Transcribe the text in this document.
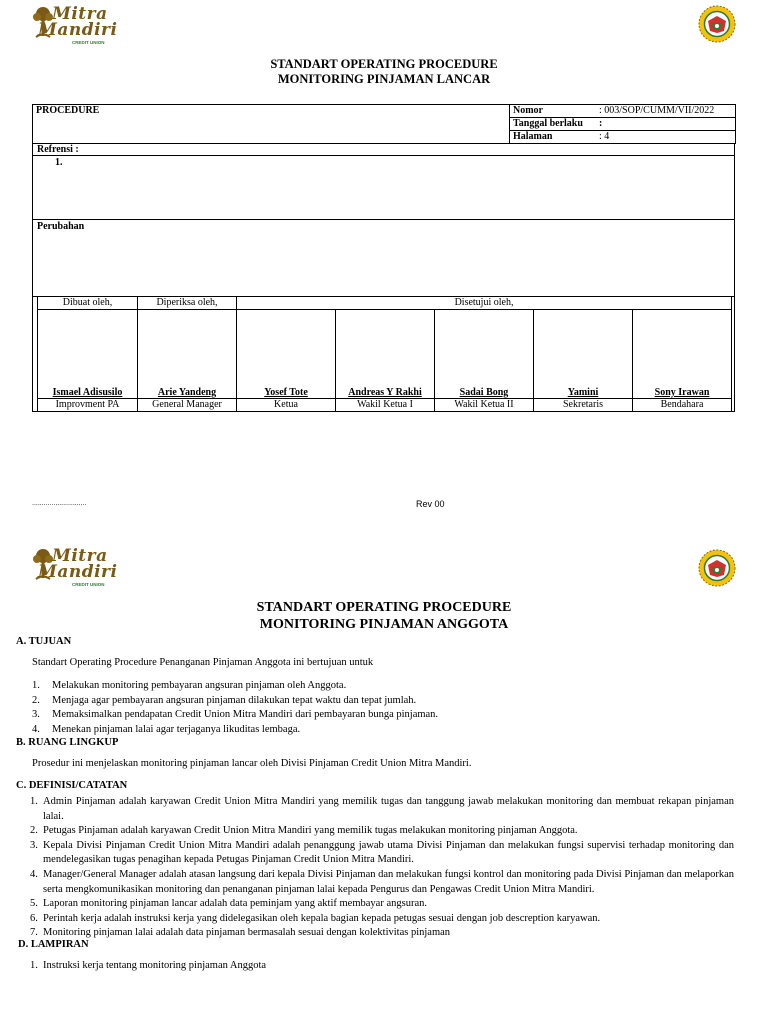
Mitra
Mandiri
CREDIT UNION
STANDART OPERATING PROCEDURE
MONITORING PINJAMAN LANCAR
PROCEDURE	Nomor	: 003/SOP/CUMM/VII/2022
	Tanggal berlaku	:
	Halaman	: 4
Refrensi :
1.
Perubahan
Dibuat oleh,	Diperiksa oleh,	Disetujui oleh,				
Ismael Adisusilo	Arie Yandeng	Yosef Tote	Andreas Y Rakhi	Sadai Bong	Yamini	Sony Irawan
Improvment PA	General Manager	Ketua	Wakil Ketua I	Wakil Ketua II	Sekretaris	Bendahara
............................	Rev 00
Mitra
Mandiri
CREDIT UNION
STANDART OPERATING PROCEDURE
MONITORING PINJAMAN ANGGOTA
A. TUJUAN
Standart Operating Procedure Penanganan Pinjaman Anggota ini bertujuan untuk
1. Melakukan monitoring pembayaran angsuran pinjaman oleh Anggota.
2. Menjaga agar pembayaran angsuran pinjaman dilakukan tepat waktu dan tepat jumlah.
3. Memaksimalkan pendapatan Credit Union Mitra Mandiri dari pembayaran bunga pinjaman.
4. Menekan pinjaman lalai agar terjaganya likuditas lembaga.
B. RUANG LINGKUP
Prosedur ini menjelaskan monitoring pinjaman lancar oleh Divisi Pinjaman Credit Union Mitra Mandiri.
C. DEFINISI/CATATAN
1. Admin Pinjaman adalah karyawan Credit Union Mitra Mandiri yang memilik tugas dan tanggung jawab melakukan monitoring dan membuat rekapan pinjaman lalai.
2. Petugas Pinjaman adalah karyawan Credit Union Mitra Mandiri yang memilik tugas melakukan monitoring pinjaman Anggota.
3. Kepala Divisi Pinjaman Credit Union Mitra Mandiri adalah penanggung jawab utama Divisi Pinjaman dan melakukan fungsi supervisi terhadap monitoring dan mendelegasikan tugas penagihan kepada Petugas Pinjaman Credit Union Mitra Mandiri.
4. Manager/General Manager adalah atasan langsung dari kepala Divisi Pinjaman dan melakukan fungsi kontrol dan monitoring pada Divisi Pinjaman dan melaporkan serta mengkomunikasikan monitoring dan penanganan pinjaman lalai kepada Pengurus dan Pengawas Credit Union Mitra Mandiri.
5. Laporan monitoring pinjaman lancar adalah data peminjam yang aktif membayar angsuran.
6. Perintah kerja adalah instruksi kerja yang didelegasikan oleh kepala bagian kepada petugas sesuai dengan job descreption karyawan.
7. Monitoring pinjaman lalai adalah data pinjaman bermasalah sesuai dengan kolektivitas pinjaman
D. LAMPIRAN
1. Instruksi kerja tentang monitoring pinjaman Anggota
